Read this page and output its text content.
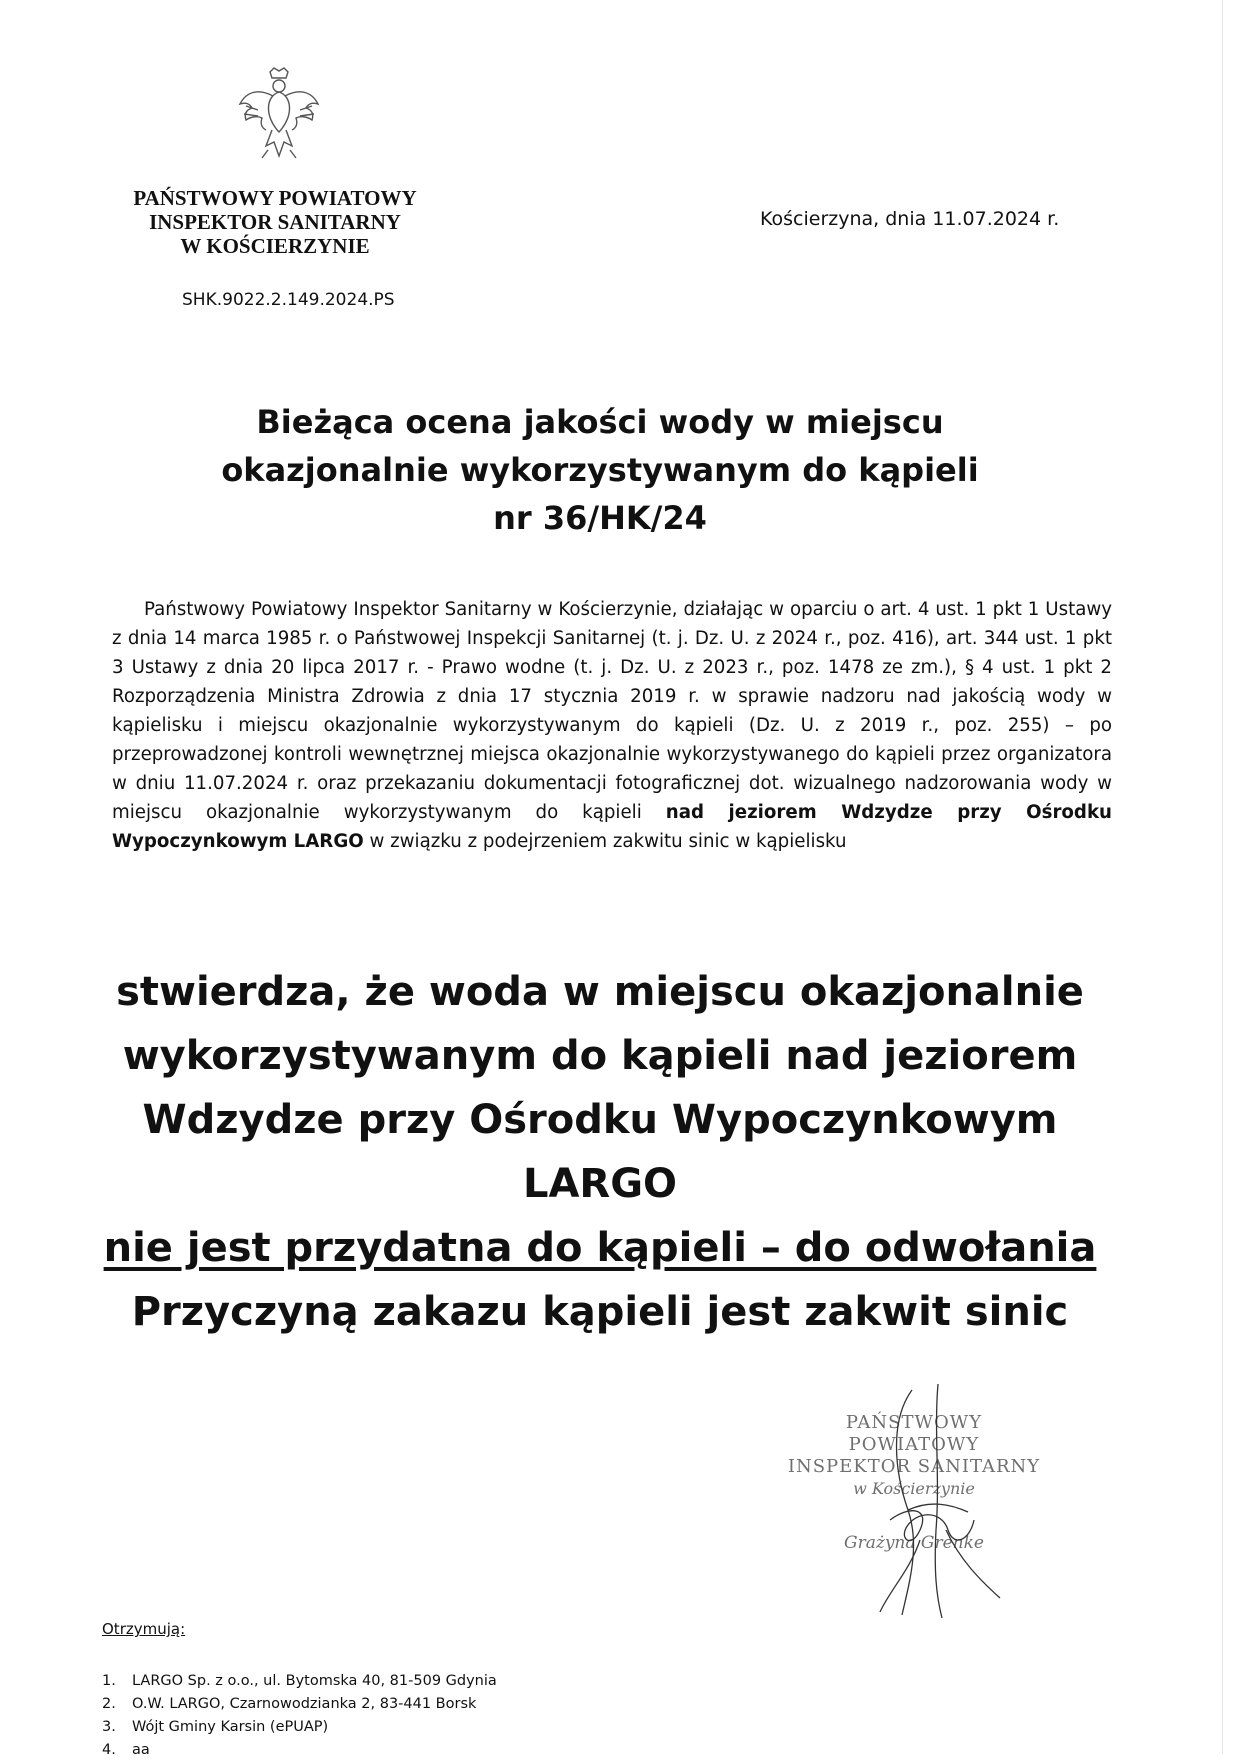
PAŃSTWOWY POWIATOWY
INSPEKTOR SANITARNY
W KOŚCIERZYNIE
Kościerzyna, dnia 11.07.2024 r.
SHK.9022.2.149.2024.PS
Bieżąca ocena jakości wody w miejscu
okazjonalnie wykorzystywanym do kąpieli
nr 36/HK/24
Państwowy Powiatowy Inspektor Sanitarny w Kościerzynie, działając w oparciu o art. 4 ust. 1 pkt 1 Ustawy z dnia 14 marca 1985 r. o Państwowej Inspekcji Sanitarnej (t. j. Dz. U. z 2024 r., poz. 416), art. 344 ust. 1 pkt 3 Ustawy z dnia 20 lipca 2017 r. - Prawo wodne (t. j. Dz. U. z 2023 r., poz. 1478 ze zm.), § 4 ust. 1 pkt 2 Rozporządzenia Ministra Zdrowia z dnia 17 stycznia 2019 r. w sprawie nadzoru nad jakością wody w kąpielisku i miejscu okazjonalnie wykorzystywanym do kąpieli (Dz. U. z 2019 r., poz. 255) – po przeprowadzonej kontroli wewnętrznej miejsca okazjonalnie wykorzystywanego do kąpieli przez organizatora w dniu 11.07.2024 r. oraz przekazaniu dokumentacji fotograficznej dot. wizualnego nadzorowania wody w miejscu okazjonalnie wykorzystywanym do kąpieli nad jeziorem Wdzydze przy Ośrodku Wypoczynkowym LARGO w związku z podejrzeniem zakwitu sinic w kąpielisku
stwierdza, że woda w miejscu okazjonalnie
wykorzystywanym do kąpieli nad jeziorem
Wdzydze przy Ośrodku Wypoczynkowym
LARGO
nie jest przydatna do kąpieli – do odwołania
Przyczyną zakazu kąpieli jest zakwit sinic
PAŃSTWOWY POWIATOWY
INSPEKTOR SANITARNY
w Kościerzynie
Grażyna Grenke
Otrzymują:
1. LARGO Sp. z o.o., ul. Bytomska 40, 81-509 Gdynia
2. O.W. LARGO, Czarnowodzianka 2, 83-441 Borsk
3. Wójt Gminy Karsin (ePUAP)
4. aa
